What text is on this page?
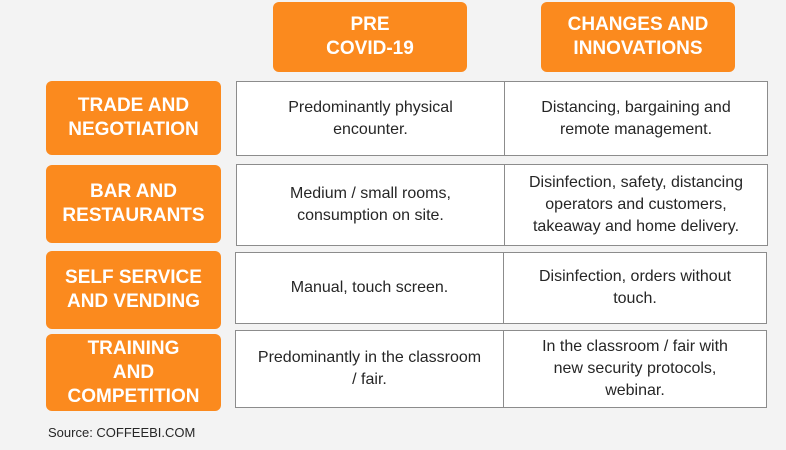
PRE
COVID-19
CHANGES AND
INNOVATIONS
TRADE AND
NEGOTIATION
Predominantly physical
encounter.
Distancing, bargaining and
remote management.
BAR AND
RESTAURANTS
Medium / small rooms,
consumption on site.
Disinfection, safety, distancing
operators and customers,
takeaway and home delivery.
SELF SERVICE
AND VENDING
Manual, touch screen.
Disinfection, orders without
touch.
TRAINING
AND
COMPETITION
Predominantly in the classroom
/ fair.
In the classroom / fair with
new security protocols,
webinar.
Source: COFFEEBI.COM
